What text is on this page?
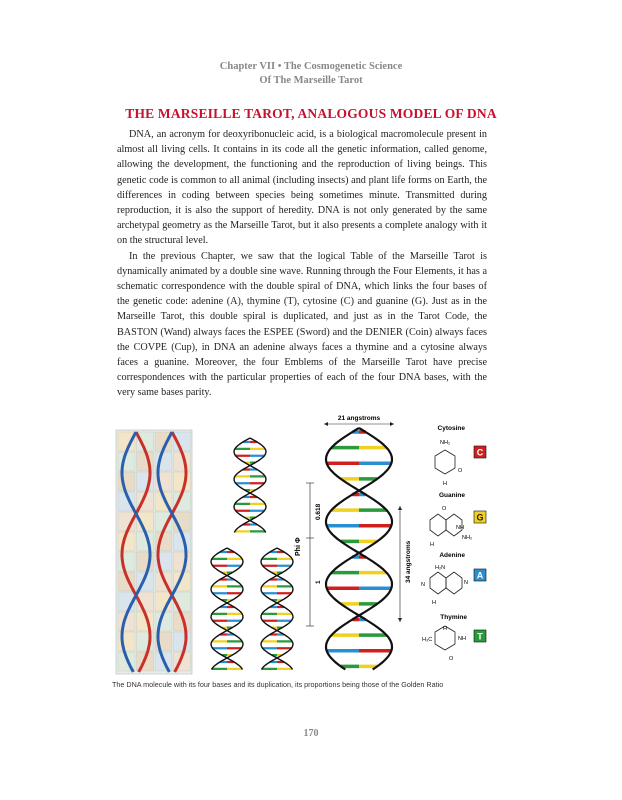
Chapter VII • The Cosmogenetic Science
Of The Marseille Tarot
THE MARSEILLE TAROT, ANALOGOUS MODEL OF DNA

DNA, an acronym for deoxyribonucleic acid, is a biological macromolecule present in almost all living cells. It contains in its code all the genetic information, called genome, allowing the development, the functioning and the reproduction of living beings. This genetic code is common to all animal (including insects) and plant life forms on Earth, the differences in coding between species being sometimes minute. Transmitted during reproduction, it is also the support of heredity. DNA is not only generated by the same archetypal geometry as the Marseille Tarot, but it also presents a complete analogy with it on the structural level.

In the previous Chapter, we saw that the logical Table of the Marseille Tarot is dynamically animated by a double sine wave. Running through the Four Elements, it has a schematic correspondence with the double spiral of DNA, which links the four bases of the genetic code: adenine (A), thymine (T), cytosine (C) and guanine (G). Just as in the Marseille Tarot, this double spiral is duplicated, and just as in the Tarot Code, the BASTON (Wand) always faces the ESPEE (Sword) and the DENIER (Coin) always faces the COVPE (Cup), in DNA an adenine always faces a thymine and a cytosine always faces a guanine. Moreover, the four Emblems of the Marseille Tarot have precise correspondences with the particular properties of each of the four DNA bases, with the very same bases parity.

21 angstroms
0.618
Phi Φ
1	34 angstroms
Cytosine
NH₂
O
H
C
Guanine
O
NH
NH₂
H
G
Adenine
H₂N
N
N
H
A
Thymine
H₃C	NH
O
H
T
The DNA molecule with its four bases and its duplication, its proportions being those of the Golden Ratio
170
